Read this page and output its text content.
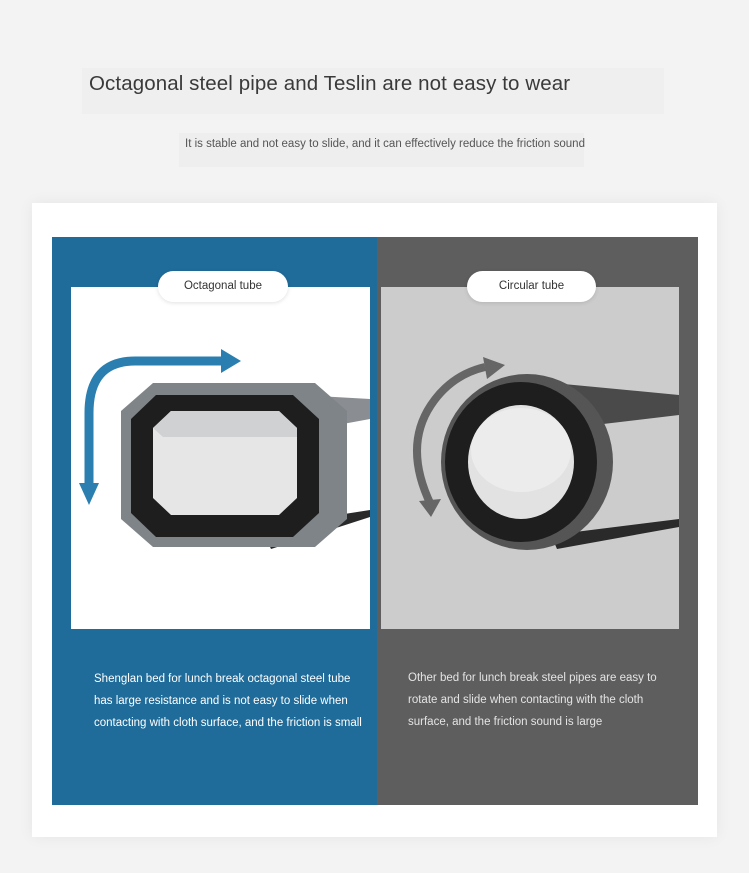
Octagonal steel pipe and Teslin are not easy to wear
It is stable and not easy to slide, and it can effectively reduce the friction sound
Octagonal tube
Shenglan bed for lunch break octagonal steel tube has large resistance and is not easy to slide when contacting with cloth surface, and the friction is small
Circular tube
Other bed for lunch break steel pipes are easy to rotate and slide when contacting with the cloth surface, and the friction sound is large
